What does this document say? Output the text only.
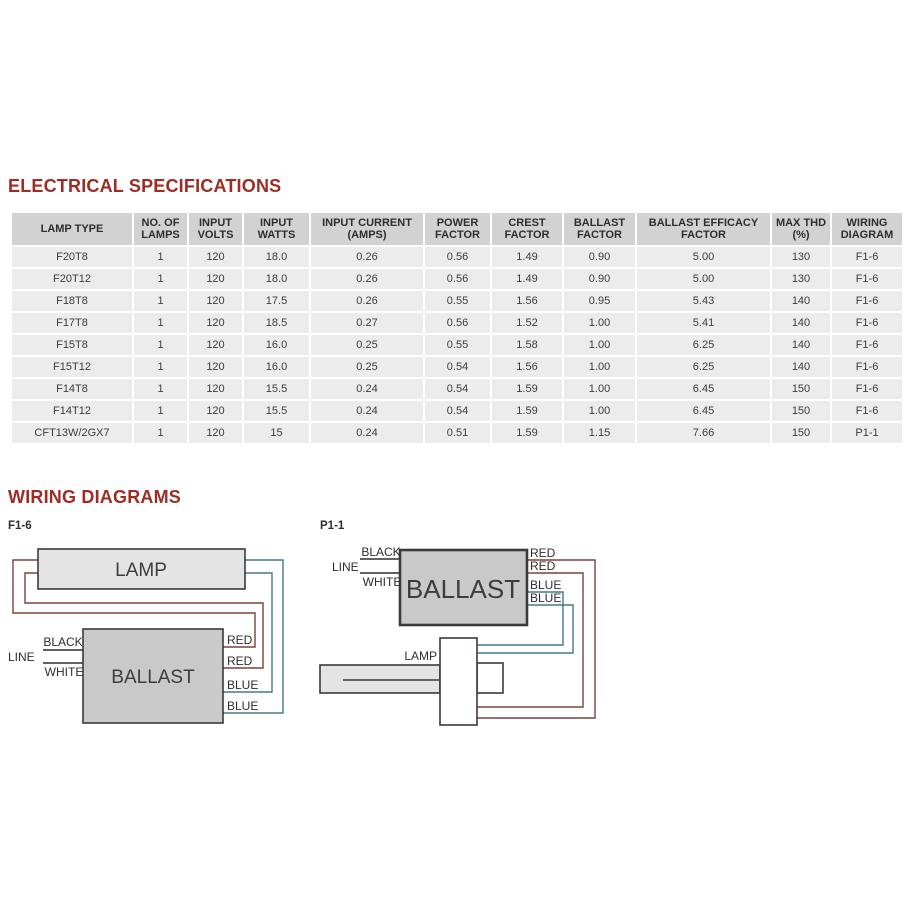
ELECTRICAL SPECIFICATIONS
LAMP TYPE	NO. OF LAMPS	INPUT VOLTS	INPUT WATTS	INPUT CURRENT (AMPS)	POWER FACTOR	CREST FACTOR	BALLAST FACTOR	BALLAST EFFICACY FACTOR	MAX THD (%)	WIRING DIAGRAM
F20T8	1	120	18.0	0.26	0.56	1.49	0.90	5.00	130	F1-6
F20T12	1	120	18.0	0.26	0.56	1.49	0.90	5.00	130	F1-6
F18T8	1	120	17.5	0.26	0.55	1.56	0.95	5.43	140	F1-6
F17T8	1	120	18.5	0.27	0.56	1.52	1.00	5.41	140	F1-6
F15T8	1	120	16.0	0.25	0.55	1.58	1.00	6.25	140	F1-6
F15T12	1	120	16.0	0.25	0.54	1.56	1.00	6.25	140	F1-6
F14T8	1	120	15.5	0.24	0.54	1.59	1.00	6.45	150	F1-6
F14T12	1	120	15.5	0.24	0.54	1.59	1.00	6.45	150	F1-6
CFT13W/2GX7	1	120	15	0.24	0.51	1.59	1.15	7.66	150	P1-1
WIRING DIAGRAMS
F1-6
LAMP
BALLAST
BLACK
LINE
WHITE
RED
RED
BLUE
BLUE
P1-1
BALLAST
LAMP
BLACK
LINE
WHITE
RED
RED
BLUE
BLUE
